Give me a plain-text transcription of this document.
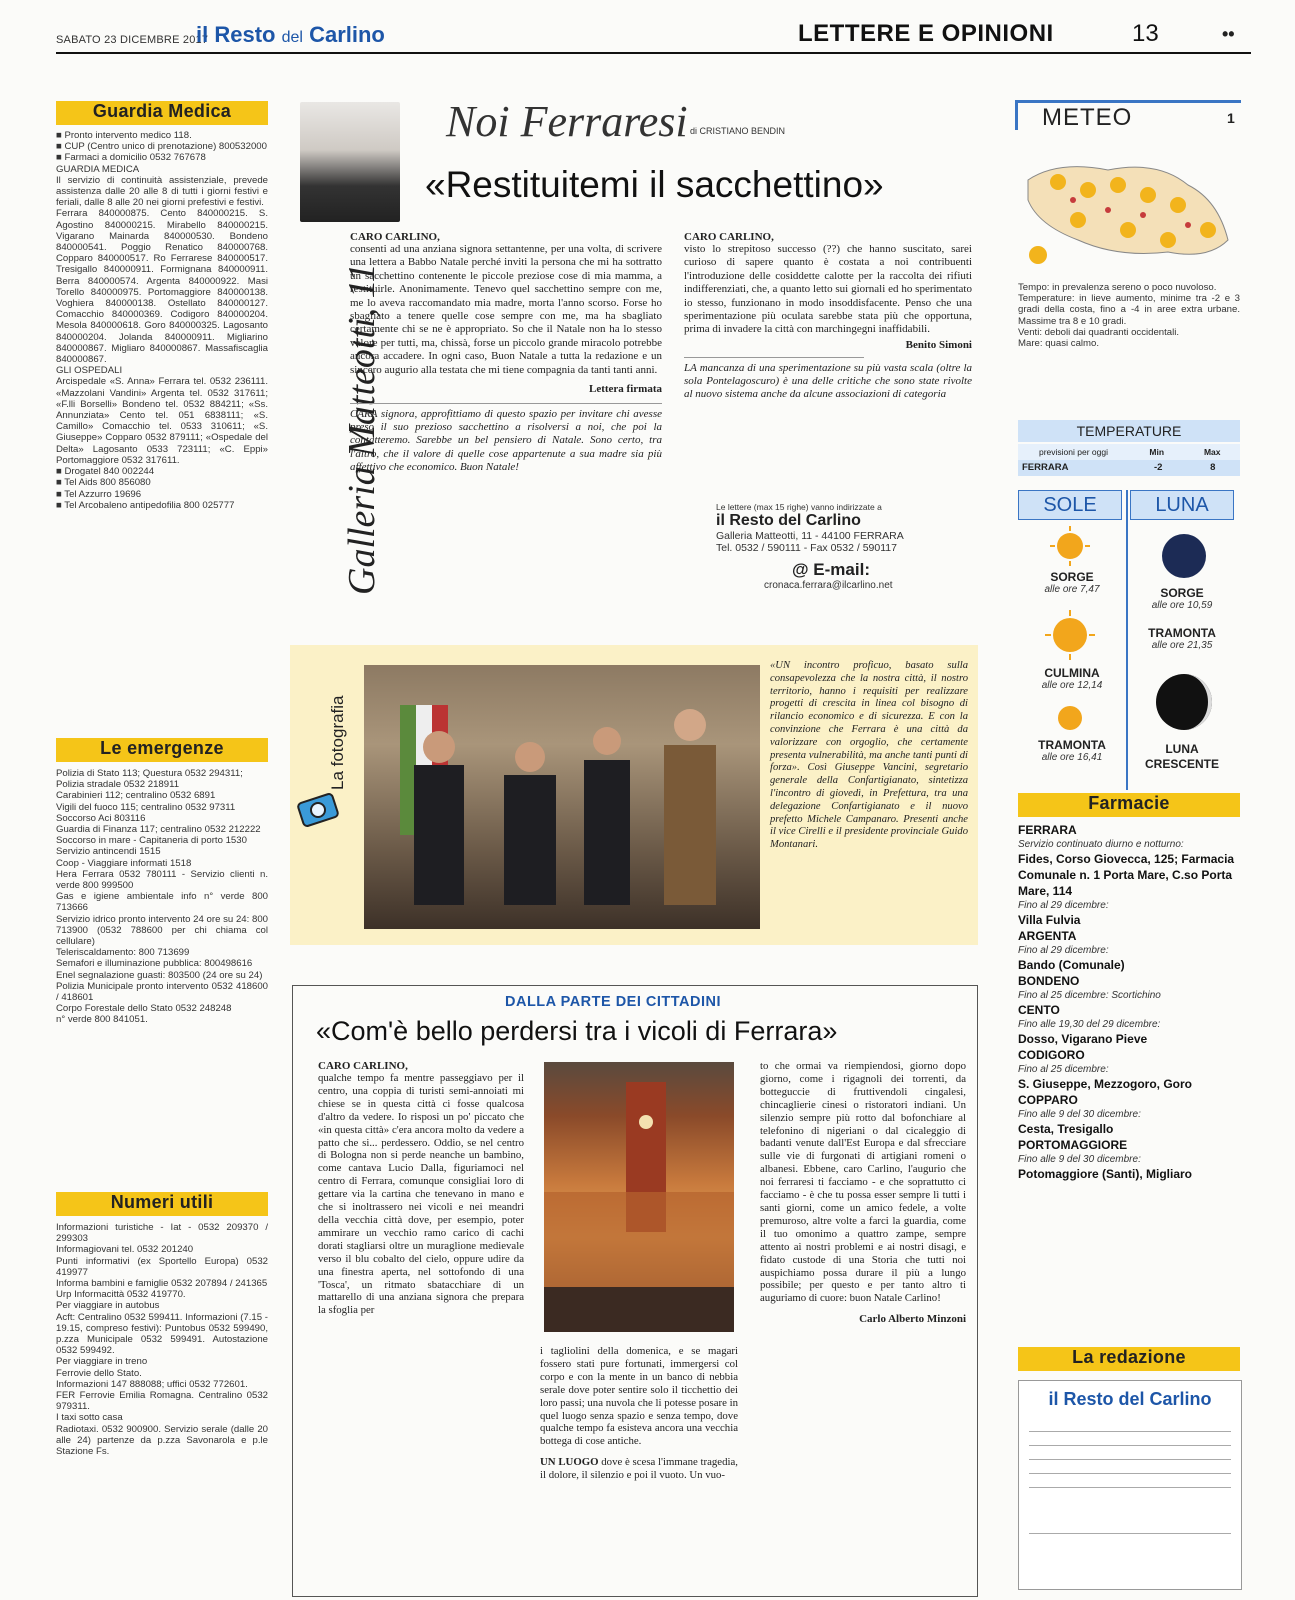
SABATO 23 DICEMBRE 2017
il Resto del Carlino	LETTERE E OPINIONI	13	••
Guardia Medica
■ Pronto intervento medico 118.
■ CUP (Centro unico di prenotazione) 800532000
■ Farmaci a domicilio 0532 767678
GUARDIA MEDICA
Il servizio di continuità assistenziale, prevede assistenza dalle 20 alle 8 di tutti i giorni festivi e feriali, dalle 8 alle 20 nei giorni prefestivi e festivi.
Ferrara 840000875. Cento 840000215. S. Agostino 840000215. Mirabello 840000215. Vigarano Mainarda 840000530. Bondeno 840000541. Poggio Renatico 840000768. Copparo 840000517. Ro Ferrarese 840000517. Tresigallo 840000911. Formignana 840000911. Berra 840000574. Argenta 840000922. Masi Torello 840000975. Portomaggiore 840000138. Voghiera 840000138. Ostellato 840000127. Comacchio 840000369. Codigoro 840000204. Mesola 840000618. Goro 840000325. Lagosanto 840000204. Jolanda 840000911. Migliarino 840000867. Migliaro 840000867. Massafiscaglia 840000867.
GLI OSPEDALI
Arcispedale «S. Anna» Ferrara tel. 0532 236111. «Mazzolani Vandini» Argenta tel. 0532 317611; «F.lli Borselli» Bondeno tel. 0532 884211; «Ss. Annunziata» Cento tel. 051 6838111; «S. Camillo» Comacchio tel. 0533 310611; «S. Giuseppe» Copparo 0532 879111; «Ospedale del Delta» Lagosanto 0533 723111; «C. Eppi» Portomaggiore 0532 317611.
■ Drogatel 840 002244
■ Tel Aids 800 856080
■ Tel Azzurro 19696
■ Tel Arcobaleno antipedofilia 800 025777
Le emergenze
Polizia di Stato 113; Questura 0532 294311;
Polizia stradale 0532 218911
Carabinieri 112; centralino 0532 6891
Vigili del fuoco 115; centralino 0532 97311
Soccorso Aci 803116
Guardia di Finanza 117; centralino 0532 212222
Soccorso in mare - Capitaneria di porto 1530
Servizio antincendi 1515
Coop - Viaggiare informati 1518
Hera Ferrara 0532 780111 - Servizio clienti n. verde 800 999500
Gas e igiene ambientale info n° verde 800 713666
Servizio idrico pronto intervento 24 ore su 24: 800 713900 (0532 788600 per chi chiama col cellulare)
Teleriscaldamento: 800 713699
Semafori e illuminazione pubblica: 800498616
Enel segnalazione guasti: 803500 (24 ore su 24)
Polizia Municipale pronto intervento 0532 418600 / 418601
Corpo Forestale dello Stato 0532 248248
n° verde 800 841051.
Numeri utili
Informazioni turistiche - Iat - 0532 209370 / 299303
Informagiovani tel. 0532 201240
Punti informativi (ex Sportello Europa) 0532 419977
Informa bambini e famiglie 0532 207894 / 241365
Urp Informacittà 0532 419770.
Per viaggiare in autobus
Acft: Centralino 0532 599411. Informazioni (7.15 - 19.15, compreso festivi): Puntobus 0532 599490, p.zza Municipale 0532 599491. Autostazione 0532 599492.
Per viaggiare in treno
Ferrovie dello Stato.
Informazioni 147 888088; uffici 0532 772601.
FER Ferrovie Emilia Romagna. Centralino 0532 979311.
I taxi sotto casa
Radiotaxi. 0532 900900. Servizio serale (dalle 20 alle 24) partenze da p.zza Savonarola e p.le Stazione Fs.
Noi Ferraresi di CRISTIANO BENDIN
«Restituitemi il sacchettino»
Galleria Matteotti, 11
CARO CARLINO,
consenti ad una anziana signora settantenne, per una volta, di scrivere una lettera a Babbo Natale perché inviti la persona che mi ha sottratto un sacchettino contenente le piccole preziose cose di mia mamma, a restituirle. Anonimamente. Tenevo quel sacchettino sempre con me, me lo aveva raccomandato mia madre, morta l'anno scorso. Forse ho sbagliato a tenere quelle cose sempre con me, ma ha sbagliato certamente chi se ne è appropriato. So che il Natale non ha lo stesso valore per tutti, ma, chissà, forse un piccolo grande miracolo potrebbe ancora accadere. In ogni caso, Buon Natale a tutta la redazione e un sincero augurio alla testata che mi tiene compagnia da tanti tanti anni.
Lettera firmata
CARA signora, approfittiamo di questo spazio per invitare chi avesse preso il suo prezioso sacchettino a risolversi a noi, che poi la contatteremo. Sarebbe un bel pensiero di Natale. Sono certo, tra l'altro, che il valore di quelle cose appartenute a sua madre sia più affettivo che economico. Buon Natale!
CARO CARLINO,
visto lo strepitoso successo (??) che hanno suscitato, sarei curioso di sapere quanto è costata a noi contribuenti l'introduzione delle cosiddette calotte per la raccolta dei rifiuti indifferenziati, che, a quanto letto sui giornali ed ho sperimentato io stesso, funzionano in modo insoddisfacente. Penso che una sperimentazione più oculata sarebbe stata più che opportuna, prima di invadere la città con marchingegni inaffidabili.
Benito Simoni
LA mancanza di una sperimentazione su più vasta scala (oltre la sola Pontelagoscuro) è una delle critiche che sono state rivolte al nuovo sistema anche da alcune associazioni di categoria
Le lettere (max 15 righe) vanno indirizzate a
il Resto del Carlino
Galleria Matteotti, 11 - 44100 FERRARA
Tel. 0532 / 590111 - Fax 0532 / 590117
@ E-mail:
cronaca.ferrara@ilcarlino.net
La fotografia
«UN incontro proficuo, basato sulla consapevolezza che la nostra città, il nostro territorio, hanno i requisiti per realizzare progetti di crescita in linea col bisogno di rilancio economico e di sicurezza. E con la convinzione che Ferrara è una città da valorizzare con orgoglio, che certamente presenta vulnerabilità, ma anche tanti punti di forza». Così Giuseppe Vancini, segretario generale della Confartigianato, sintetizza l'incontro di giovedì, in Prefettura, tra una delegazione Confartigianato e il nuovo prefetto Michele Campanaro. Presenti anche il vice Cirelli e il presidente provinciale Guido Montanari.
DALLA PARTE DEI CITTADINI
«Com'è bello perdersi tra i vicoli di Ferrara»
CARO CARLINO,
qualche tempo fa mentre passeggiavo per il centro, una coppia di turisti semi-annoiati mi chiese se in questa città ci fosse qualcosa d'altro da vedere. Io risposi un po' piccato che «in questa città» c'era ancora molto da vedere a patto che si... perdessero. Oddio, se nel centro di Bologna non si perde neanche un bambino, come cantava Lucio Dalla, figuriamoci nel centro di Ferrara, comunque consigliai loro di gettare via la cartina che tenevano in mano e che si inoltrassero nei vicoli e nei meandri della vecchia città dove, per esempio, poter ammirare un vecchio ramo carico di cachi dorati stagliarsi oltre un muraglione medievale verso il blu cobalto del cielo, oppure udire da una finestra aperta, nel sottofondo di una 'Tosca', un ritmato sbatacchiare di un mattarello di una anziana signora che prepara la sfoglia per
i tagliolini della domenica, e se magari fossero stati pure fortunati, immergersi col corpo e con la mente in un banco di nebbia serale dove poter sentire solo il ticchettio dei loro passi; una nuvola che li potesse posare in quel luogo senza spazio e senza tempo, dove qualche tempo fa esisteva ancora una vecchia bottega di cose antiche.
UN LUOGO dove è scesa l'immane tragedia, il dolore, il silenzio e poi il vuoto. Un vuo-
to che ormai va riempiendosi, giorno dopo giorno, come i rigagnoli dei torrenti, da botteguccie di fruttivendoli cingalesi, chincaglierie cinesi o ristoratori indiani. Un silenzio sempre più rotto dal bofonchiare al telefonino di nigeriani o dal cicaleggio di badanti venute dall'Est Europa e dal sfrecciare sulle vie di furgonati di artigiani romeni o albanesi. Ebbene, caro Carlino, l'augurio che noi ferraresi ti facciamo - e che soprattutto ci facciamo - è che tu possa esser sempre lì tutti i santi giorni, come un amico fedele, a volte premuroso, altre volte a farci la guardia, come il tuo omonimo a quattro zampe, sempre attento ai nostri problemi e ai nostri disagi, e fidato custode di una Storia che tutti noi auspichiamo possa durare il più a lungo possibile; per questo e per tanto altro ti auguriamo di cuore: buon Natale Carlino!
Carlo Alberto Minzoni
METEO	1
Tempo: in prevalenza sereno o poco nuvoloso.
Temperature: in lieve aumento, minime tra -2 e 3 gradi della costa, fino a -4 in aree extra urbane. Massime tra 8 e 10 gradi.
Venti: deboli dai quadranti occidentali.
Mare: quasi calmo.
TEMPERATURE
previsioni per oggi	Min	Max
FERRARA	-2	8
SOLE	LUNA
SORGE
alle ore 7,47
CULMINA
alle ore 12,14
TRAMONTA
alle ore 16,41
SORGE
alle ore 10,59
TRAMONTA
alle ore 21,35
LUNA CRESCENTE
Farmacie
FERRARA
Servizio continuato diurno e notturno:
Fides, Corso Giovecca, 125; Farmacia Comunale n. 1 Porta Mare, C.so Porta Mare, 114
Fino al 29 dicembre:
Villa Fulvia
ARGENTA
Fino al 29 dicembre:
Bando (Comunale)
BONDENO
Fino al 25 dicembre: Scortichino
CENTO
Fino alle 19,30 del 29 dicembre:
Dosso, Vigarano Pieve
CODIGORO
Fino al 25 dicembre:
S. Giuseppe, Mezzogoro, Goro
COPPARO
Fino alle 9 del 30 dicembre:
Cesta, Tresigallo
PORTOMAGGIORE
Fino alle 9 del 30 dicembre:
Potomaggiore (Santi), Migliaro
La redazione
il Resto del Carlino
